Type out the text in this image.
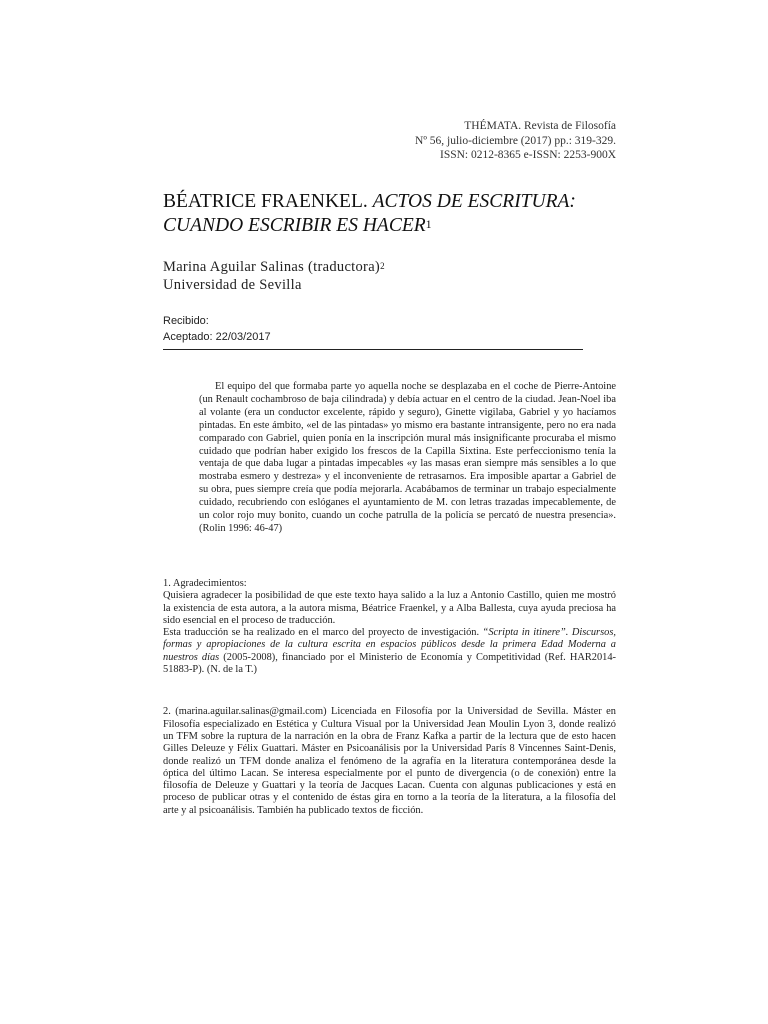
THÉMATA. Revista de Filosofía
Nº 56, julio-diciembre (2017) pp.: 319-329.
ISSN: 0212-8365 e-ISSN: 2253-900X
BÉATRICE FRAENKEL. ACTOS DE ESCRITURA: CUANDO ESCRIBIR ES HACER$^1$
Marina Aguilar Salinas (traductora)$^2$
Universidad de Sevilla
Recibido:
Aceptado: 22/03/2017

El equipo del que formaba parte yo aquella noche se desplazaba en el coche de Pierre-Antoine (un Renault cochambroso de baja cilindrada) y debía actuar en el centro de la ciudad. Jean-Noel iba al volante (era un conductor excelente, rápido y seguro), Ginette vigilaba, Gabriel y yo hacíamos pintadas. En este ámbito, «el de las pintadas» yo mismo era bastante intransigente, pero no era nada comparado con Gabriel, quien ponía en la inscripción mural más insignificante procuraba el mismo cuidado que podrían haber exigido los frescos de la Capilla Sixtina. Este perfeccionismo tenía la ventaja de que daba lugar a pintadas impecables «y las masas eran siempre más sensibles a lo que mostraba esmero y destreza» y el inconveniente de retrasarnos. Era imposible apartar a Gabriel de su obra, pues siempre creía que podía mejorarla. Acabábamos de terminar un trabajo especialmente cuidado, recubriendo con eslóganes el ayuntamiento de M. con letras trazadas impecablemente, de un color rojo muy bonito, cuando un coche patrulla de la policía se percató de nuestra presencia». (Rolin 1996: 46-47)

1. Agradecimientos:

Quisiera agradecer la posibilidad de que este texto haya salido a la luz a Antonio Castillo, quien me mostró la existencia de esta autora, a la autora misma, Béatrice Fraenkel, y a Alba Ballesta, cuya ayuda preciosa ha sido esencial en el proceso de traducción.

Esta traducción se ha realizado en el marco del proyecto de investigación. “Scripta in itinere”. Discursos, formas y apropiaciones de la cultura escrita en espacios públicos desde la primera Edad Moderna a nuestros días (2005-2008), financiado por el Ministerio de Economía y Competitividad (Ref. HAR2014-51883-P). (N. de la T.)

2. (marina.aguilar.salinas@gmail.com) Licenciada en Filosofía por la Universidad de Sevilla. Máster en Filosofía especializado en Estética y Cultura Visual por la Universidad Jean Moulin Lyon 3, donde realizó un TFM sobre la ruptura de la narración en la obra de Franz Kafka a partir de la lectura que de esto hacen Gilles Deleuze y Félix Guattari. Máster en Psicoanálisis por la Universidad París 8 Vincennes Saint-Denis, donde realizó un TFM donde analiza el fenómeno de la agrafía en la literatura contemporánea desde la óptica del último Lacan. Se interesa especialmente por el punto de divergencia (o de conexión) entre la filosofía de Deleuze y Guattari y la teoría de Jacques Lacan. Cuenta con algunas publicaciones y está en proceso de publicar otras y el contenido de éstas gira en torno a la teoría de la literatura, a la filosofía del arte y al psicoanálisis. También ha publicado textos de ficción.
